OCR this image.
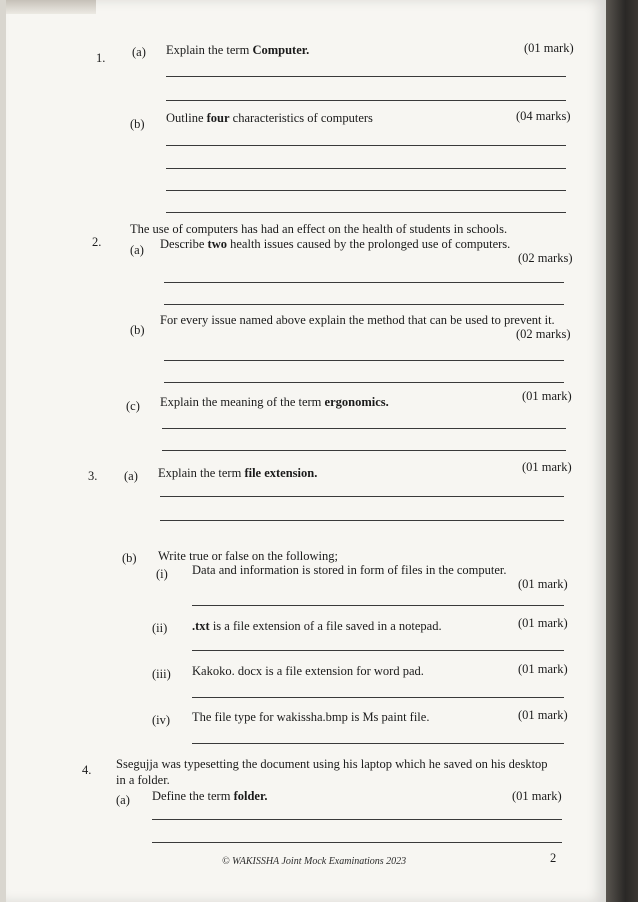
1. (a) Explain the term Computer.	(01 mark)
(b) Outline four characteristics of computers	(04 marks)
2.
The use of computers has had an effect on the health of students in schools.
(a) Describe two health issues caused by the prolonged use of computers.
(02 marks)
(b)
For every issue named above explain the method that can be used to prevent it.
(02 marks)
(c) Explain the meaning of the term ergonomics.	(01 mark)
3. (a) Explain the term file extension.	(01 mark)
(b) Write true or false on the following;
(i) Data and information is stored in form of files in the computer.
(01 mark)
(ii) .txt is a file extension of a file saved in a notepad.	(01 mark)
(iii) Kakoko. docx is a file extension for word pad.	(01 mark)
(iv) The file type for wakissha.bmp is Ms paint file.	(01 mark)
4. Ssegujja was typesetting the document using his laptop which he saved on his desktop
in a folder.
(a) Define the term folder.	(01 mark)
© WAKISSHA Joint Mock Examinations 2023	2
